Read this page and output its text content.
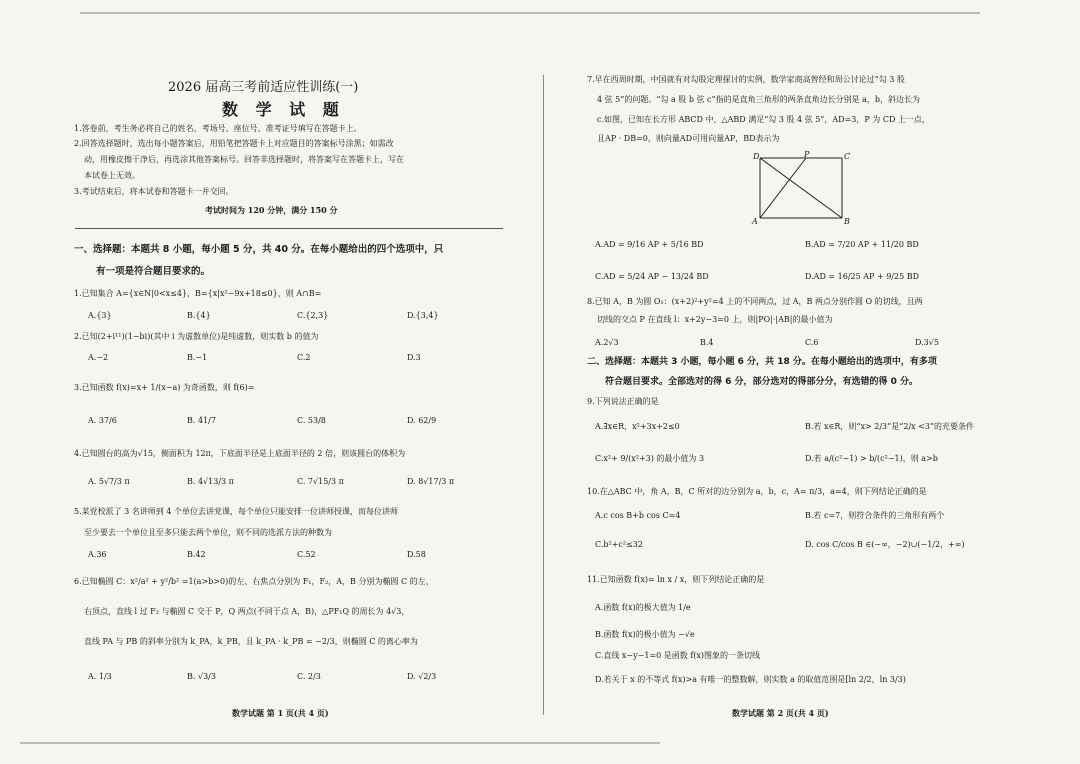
2026 届高三考前适应性训练(一)
数 学 试 题
1.答卷前，考生务必将自己的姓名、考场号、座位号、准考证号填写在答题卡上。
2.回答选择题时，选出每小题答案后，用铅笔把答题卡上对应题目的答案标号涂黑；如需改
动，用橡皮擦干净后，再选涂其他答案标号。回答非选择题时，将答案写在答题卡上，写在
本试卷上无效。
3.考试结束后，将本试卷和答题卡一并交回。
考试时间为 120 分钟，满分 150 分
一、选择题：本题共 8 小题，每小题 5 分，共 40 分。在每小题给出的四个选项中，只
有一项是符合题目要求的。
1.已知集合 A={x∈N|0<x≤4}，B={x|x²−9x+18≤0}，则 A∩B=
A.{3}	B.{4}	C.{2,3}	D.{3,4}
2.已知(2+i¹¹)(1−bi)(其中 i 为虚数单位)是纯虚数，则实数 b 的值为
A.−2	B.−1	C.2	D.3
3.已知函数 f(x)=x+ 1/(x−a) 为奇函数，则 f(6)=
A. 37/6	B. 41/7	C. 53/8	D. 62/9
4.已知圆台的高为√15，侧面积为 12π，下底面半径是上底面半径的 2 倍，则该圆台的体积为
A. 5√7/3 π	B. 4√13/3 π	C. 7√15/3 π	D. 8√17/3 π
5.某党校派了 3 名讲师到 4 个单位去讲党课，每个单位只能安排一位讲师授课，而每位讲师
至少要去一个单位且至多只能去两个单位，则不同的选派方法的种数为
A.36	B.42	C.52	D.58
6.已知椭圆 C：x²/a² + y²/b² =1(a>b>0)的左、右焦点分别为 F₁，F₂，A，B 分别为椭圆 C 的左、
右顶点，直线 l 过 F₂ 与椭圆 C 交于 P，Q 两点(不同于点 A，B)，△PF₁Q 的周长为 4√3，
直线 PA 与 PB 的斜率分别为 k_PA，k_PB，且 k_PA · k_PB = −2/3，则椭圆 C 的离心率为
A. 1/3	B. √3/3	C. 2/3	D. √2/3
数学试题 第 1 页(共 4 页)
7.早在西周时期，中国就有对勾股定理探讨的实例，数学家商高曾经和周公讨论过“勾 3 股
4 弦 5”的问题。“勾 a 股 b 弦 c”指的是直角三角形的两条直角边长分别是 a，b，斜边长为
c.如图，已知在长方形 ABCD 中，△ABD 满足“勾 3 股 4 弦 5”，AD=3，P 为 CD 上一点，
且AP · DB=0，则向量AD可用向量AP，BD表示为
D	P	C
A	B
A.AD = 9/16 AP + 5/16 BD	B.AD = 7/20 AP + 11/20 BD
C.AD = 5/24 AP − 13/24 BD	D.AD = 16/25 AP + 9/25 BD
8.已知 A，B 为圆 O₁：(x+2)²+y²=4 上的不同两点，过 A，B 两点分别作圆 O 的切线，且两
切线的交点 P 在直线 l：x+2y−3=0 上，则|PO|·|AB|的最小值为
A.2√3	B.4	C.6	D.3√5
二、选择题：本题共 3 小题，每小题 6 分，共 18 分。在每小题给出的选项中，有多项
符合题目要求。全部选对的得 6 分，部分选对的得部分分，有选错的得 0 分。
9.下列说法正确的是
A.∃x∈R，x²+3x+2≤0	B.若 x∈R，则“x> 2/3”是“2/x <3”的充要条件
C.x²+ 9/(x²+3) 的最小值为 3	D.若 a/(c²−1) > b/(c²−1)，则 a>b
10.在△ABC 中，角 A，B，C 所对的边分别为 a，b，c，A= π/3，a=4，则下列结论正确的是
A.c cos B+b cos C=4	B.若 c=7，则符合条件的三角形有两个
C.b²+c²≤32	D. cos C/cos B ∈(−∞，−2)∪(−1/2，+∞)
11.已知函数 f(x)= ln x / x，则下列结论正确的是
A.函数 f(x)的极大值为 1/e
B.函数 f(x)的极小值为 −√e
C.直线 x−y−1=0 是函数 f(x)图象的一条切线
D.若关于 x 的不等式 f(x)>a 有唯一的整数解，则实数 a 的取值范围是[ln 2/2，ln 3/3)
数学试题 第 2 页(共 4 页)
